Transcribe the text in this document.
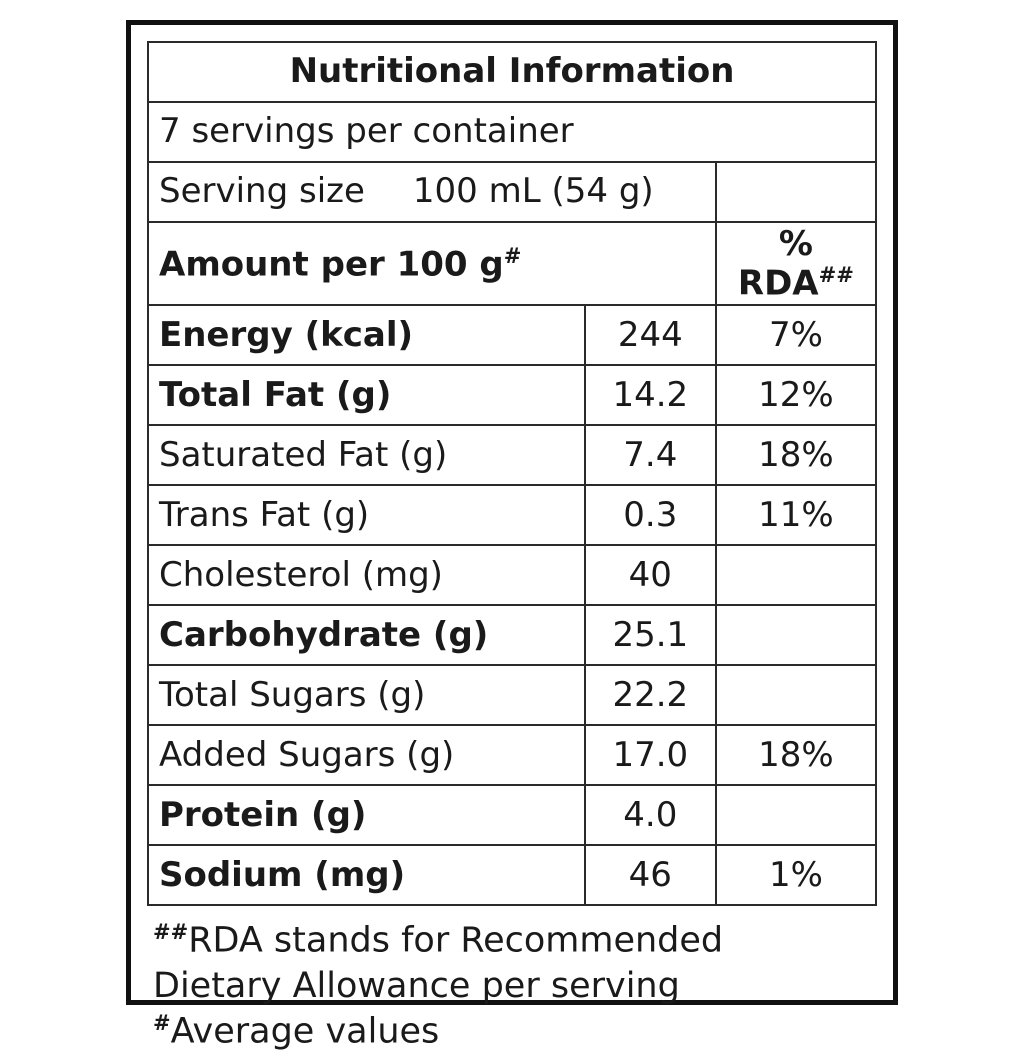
Nutritional Information		
7 servings per container		
Serving size 100 mL (54 g)		
Amount per 100 g#		% RDA##
Energy (kcal)	244	7%
Total Fat (g)	14.2	12%
Saturated Fat (g)	7.4	18%
Trans Fat (g)	0.3	11%
Cholesterol (mg)	40	
Carbohydrate (g)	25.1	
Total Sugars (g)	22.2	
Added Sugars (g)	17.0	18%
Protein (g)	4.0	
Sodium (mg)	46	1%

##RDA stands for Recommended

Dietary Allowance per serving

#Average values
